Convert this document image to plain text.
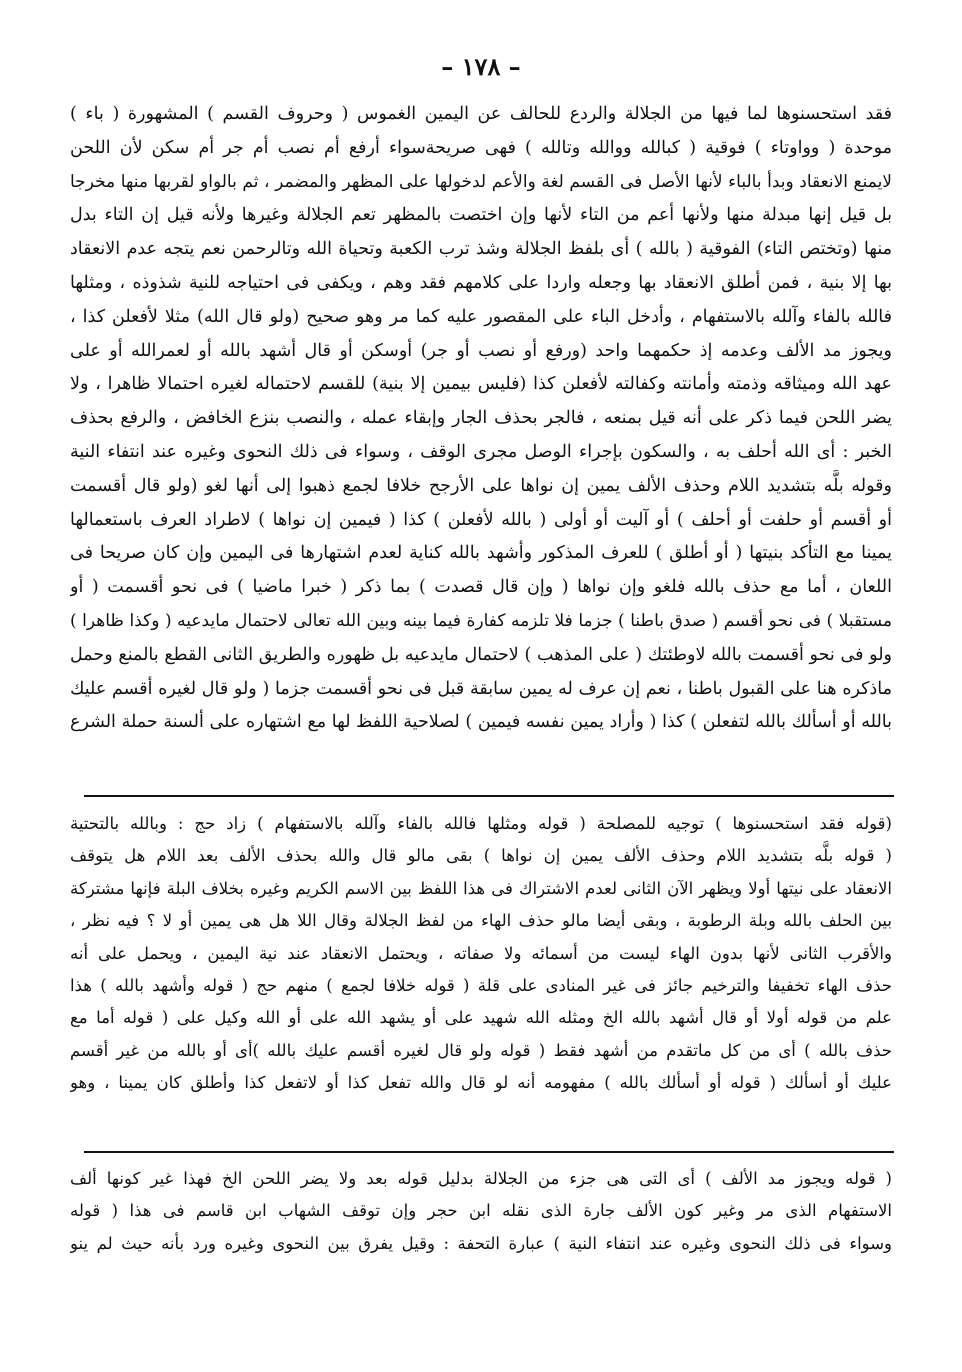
– ۱۷۸ –
فقد استحسنوها لما فيها من الجلالة والردع للحالف عن اليمين الغموس ( وحروف القسم ) المشهورة ( باء )
موحدة ( وواوتاء ) فوقية ( كبالله ووالله وتالله ) فهى صريحةسواء أرفع أم نصب أم جر أم سكن لأن اللحن
لايمنع الانعقاد وبدأ بالباء لأنها الأصل فى القسم لغة والأعم لدخولها على المظهر والمضمر ، ثم بالواو لقربها منها مخرجا
بل قيل إنها مبدلة منها ولأنها أعم من التاء لأنها وإن اختصت بالمظهر تعم الجلالة وغيرها ولأنه قيل إن التاء بدل
منها (وتختص التاء) الفوقية ( بالله ) أى بلفظ الجلالة وشذ ترب الكعبة وتحياة الله وتالرحمن نعم يتجه عدم الانعقاد
بها إلا بنية ، فمن أطلق الانعقاد بها وجعله واردا على كلامهم فقد وهم ، ويكفى فى احتياجه للنية شذوذه ، ومثلها
فالله بالفاء وآلله بالاستفهام ، وأدخل الباء على المقصور عليه كما مر وهو صحيح (ولو قال الله) مثلا لأفعلن كذا ،
ويجوز مد الألف وعدمه إذ حكمهما واحد (ورفع أو نصب أو جر) أوسكن أو قال أشهد بالله أو لعمرالله أو على
عهد الله وميثاقه وذمته وأمانته وكفالته لأفعلن كذا (فليس بيمين إلا بنية) للقسم لاحتماله لغيره احتمالا ظاهرا ، ولا
يضر اللحن فيما ذكر على أنه قيل بمنعه ، فالجر بحذف الجار وإبقاء عمله ، والنصب بنزع الخافض ، والرفع بحذف
الخبر : أى الله أحلف به ، والسكون بإجراء الوصل مجرى الوقف ، وسواء فى ذلك النحوى وغيره عند انتفاء النية
وقوله بلَّه بتشديد اللام وحذف الألف يمين إن نواها على الأرجح خلافا لجمع ذهبوا إلى أنها لغو (ولو قال أقسمت
أو أقسم أو حلفت أو أحلف ) أو آليت أو أولى ( بالله لأفعلن ) كذا ( فيمين إن نواها ) لاطراد العرف باستعمالها
يمينا مع التأكد بنيتها ( أو أطلق ) للعرف المذكور وأشهد بالله كناية لعدم اشتهارها فى اليمين وإن كان صريحا فى
اللعان ، أما مع حذف بالله فلغو وإن نواها ( وإن قال قصدت ) بما ذكر ( خبرا ماضيا ) فى نحو أقسمت ( أو
مستقبلا ) فى نحو أقسم ( صدق باطنا ) جزما فلا تلزمه كفارة فيما بينه وبين الله تعالى لاحتمال مايدعيه ( وكذا ظاهرا )
ولو فى نحو أقسمت بالله لاوطئتك ( على المذهب ) لاحتمال مايدعيه بل ظهوره والطريق الثانى القطع بالمنع وحمل
ماذكره هنا على القبول باطنا ، نعم إن عرف له يمين سابقة قبل فى نحو أقسمت جزما ( ولو قال لغيره أقسم عليك
بالله أو أسألك بالله لتفعلن ) كذا ( وأراد يمين نفسه فيمين ) لصلاحية اللفظ لها مع اشتهاره على ألسنة حملة الشرع
(قوله فقد استحسنوها ) توجيه للمصلحة ( قوله ومثلها فالله بالفاء وآلله بالاستفهام ) زاد حج : وبالله بالتحتية
( قوله بلَّه بتشديد اللام وحذف الألف يمين إن نواها ) بقى مالو قال والله بحذف الألف بعد اللام هل يتوقف
الانعقاد على نيتها أولا ويظهر الآن الثانى لعدم الاشتراك فى هذا اللفظ بين الاسم الكريم وغيره بخلاف البلة فإنها مشتركة
بين الحلف بالله وبلة الرطوبة ، وبقى أيضا مالو حذف الهاء من لفظ الجلالة وقال اللا هل هى يمين أو لا ؟ فيه نظر ،
والأقرب الثانى لأنها بدون الهاء ليست من أسمائه ولا صفاته ، ويحتمل الانعقاد عند نية اليمين ، ويحمل على أنه
حذف الهاء تخفيفا والترخيم جائز فى غير المنادى على قلة ( قوله خلافا لجمع ) منهم حج ( قوله وأشهد بالله ) هذا
علم من قوله أولا أو قال أشهد بالله الخ ومثله الله شهيد على أو يشهد الله على أو الله وكيل على ( قوله أما مع
حذف بالله ) أى من كل ماتقدم من أشهد فقط ( قوله ولو قال لغيره أقسم عليك بالله )أى أو بالله من غير أقسم
عليك أو أسألك ( قوله أو أسألك بالله ) مفهومه أنه لو قال والله تفعل كذا أو لاتفعل كذا وأطلق كان يمينا ، وهو
( قوله ويجوز مد الألف ) أى التى هى جزء من الجلالة بدليل قوله بعد ولا يضر اللحن الخ فهذا غير كونها ألف
الاستفهام الذى مر وغير كون الألف جارة الذى نقله ابن حجر وإن توقف الشهاب ابن قاسم فى هذا ( قوله
وسواء فى ذلك النحوى وغيره عند انتفاء النية ) عبارة التحفة : وقيل يفرق بين النحوى وغيره ورد بأنه حيث لم ينو
